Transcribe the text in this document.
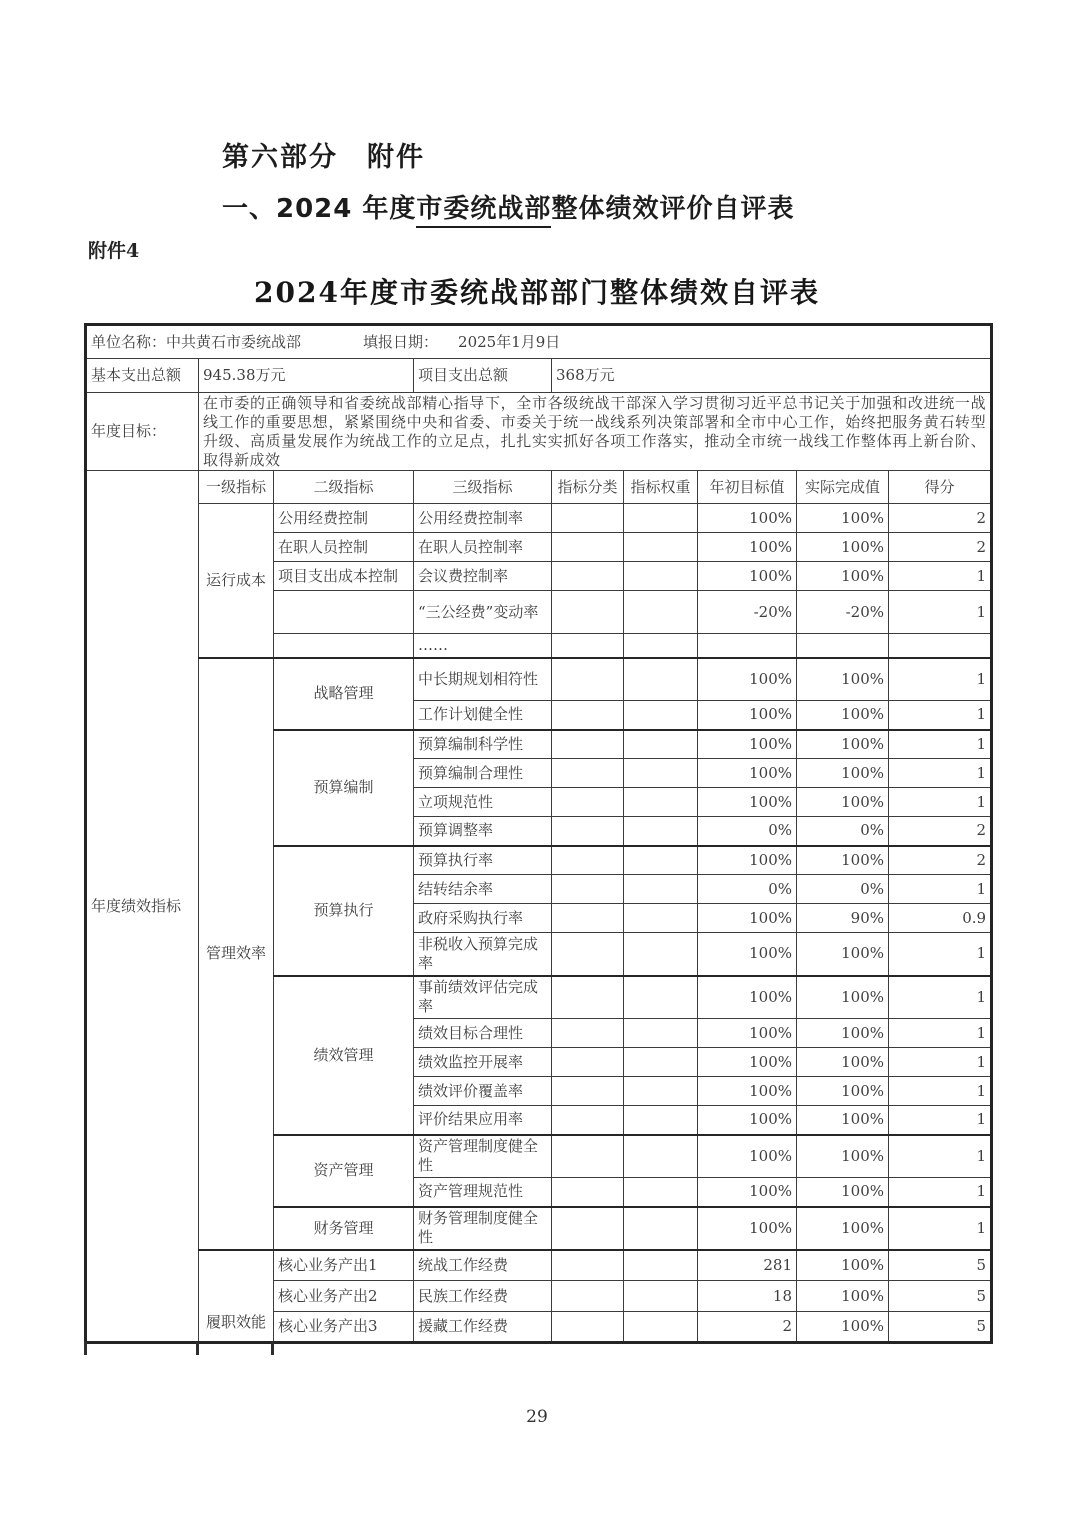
第六部分　附件
一、2024 年度市委统战部整体绩效评价自评表
附件4
2024年度市委统战部部门整体绩效自评表
单位名称：中共黄石市委统战部 填报日期： 2025年1月9日								
基本支出总额	945.38万元		项目支出总额	368万元				
年度目标：	在市委的正确领导和省委统战部精心指导下，全市各级统战干部深入学习贯彻习近平总书记关于加强和改进统一战线工作的重要思想，紧紧围绕中央和省委、市委关于统一战线系列决策部署和全市中心工作，始终把服务黄石转型升级、高质量发展作为统战工作的立足点，扎扎实实抓好各项工作落实，推动全市统一战线工作整体再上新台阶、取得新成效							
年度绩效指标	一级指标	二级指标	三级指标	指标分类	指标权重	年初目标值	实际完成值	得分
	运行成本	公用经费控制	公用经费控制率			100%	100%	2
		在职人员控制	在职人员控制率			100%	100%	2
		项目支出成本控制	会议费控制率			100%	100%	1
			“三公经费”变动率			-20%	-20%	1
			……					
	管理效率	战略管理	中长期规划相符性			100%	100%	1
			工作计划健全性			100%	100%	1
		预算编制	预算编制科学性			100%	100%	1
			预算编制合理性			100%	100%	1
			立项规范性			100%	100%	1
			预算调整率			0%	0%	2
		预算执行	预算执行率			100%	100%	2
			结转结余率			0%	0%	1
			政府采购执行率			100%	90%	0.9
			非税收入预算完成率			100%	100%	1
		绩效管理	事前绩效评估完成率			100%	100%	1
			绩效目标合理性			100%	100%	1
			绩效监控开展率			100%	100%	1
			绩效评价覆盖率			100%	100%	1
			评价结果应用率			100%	100%	1
		资产管理	资产管理制度健全性			100%	100%	1
			资产管理规范性			100%	100%	1
		财务管理	财务管理制度健全性			100%	100%	1
	履职效能	核心业务产出1	统战工作经费			281	100%	5
		核心业务产出2	民族工作经费			18	100%	5
		核心业务产出3	援藏工作经费			2	100%	5
29
